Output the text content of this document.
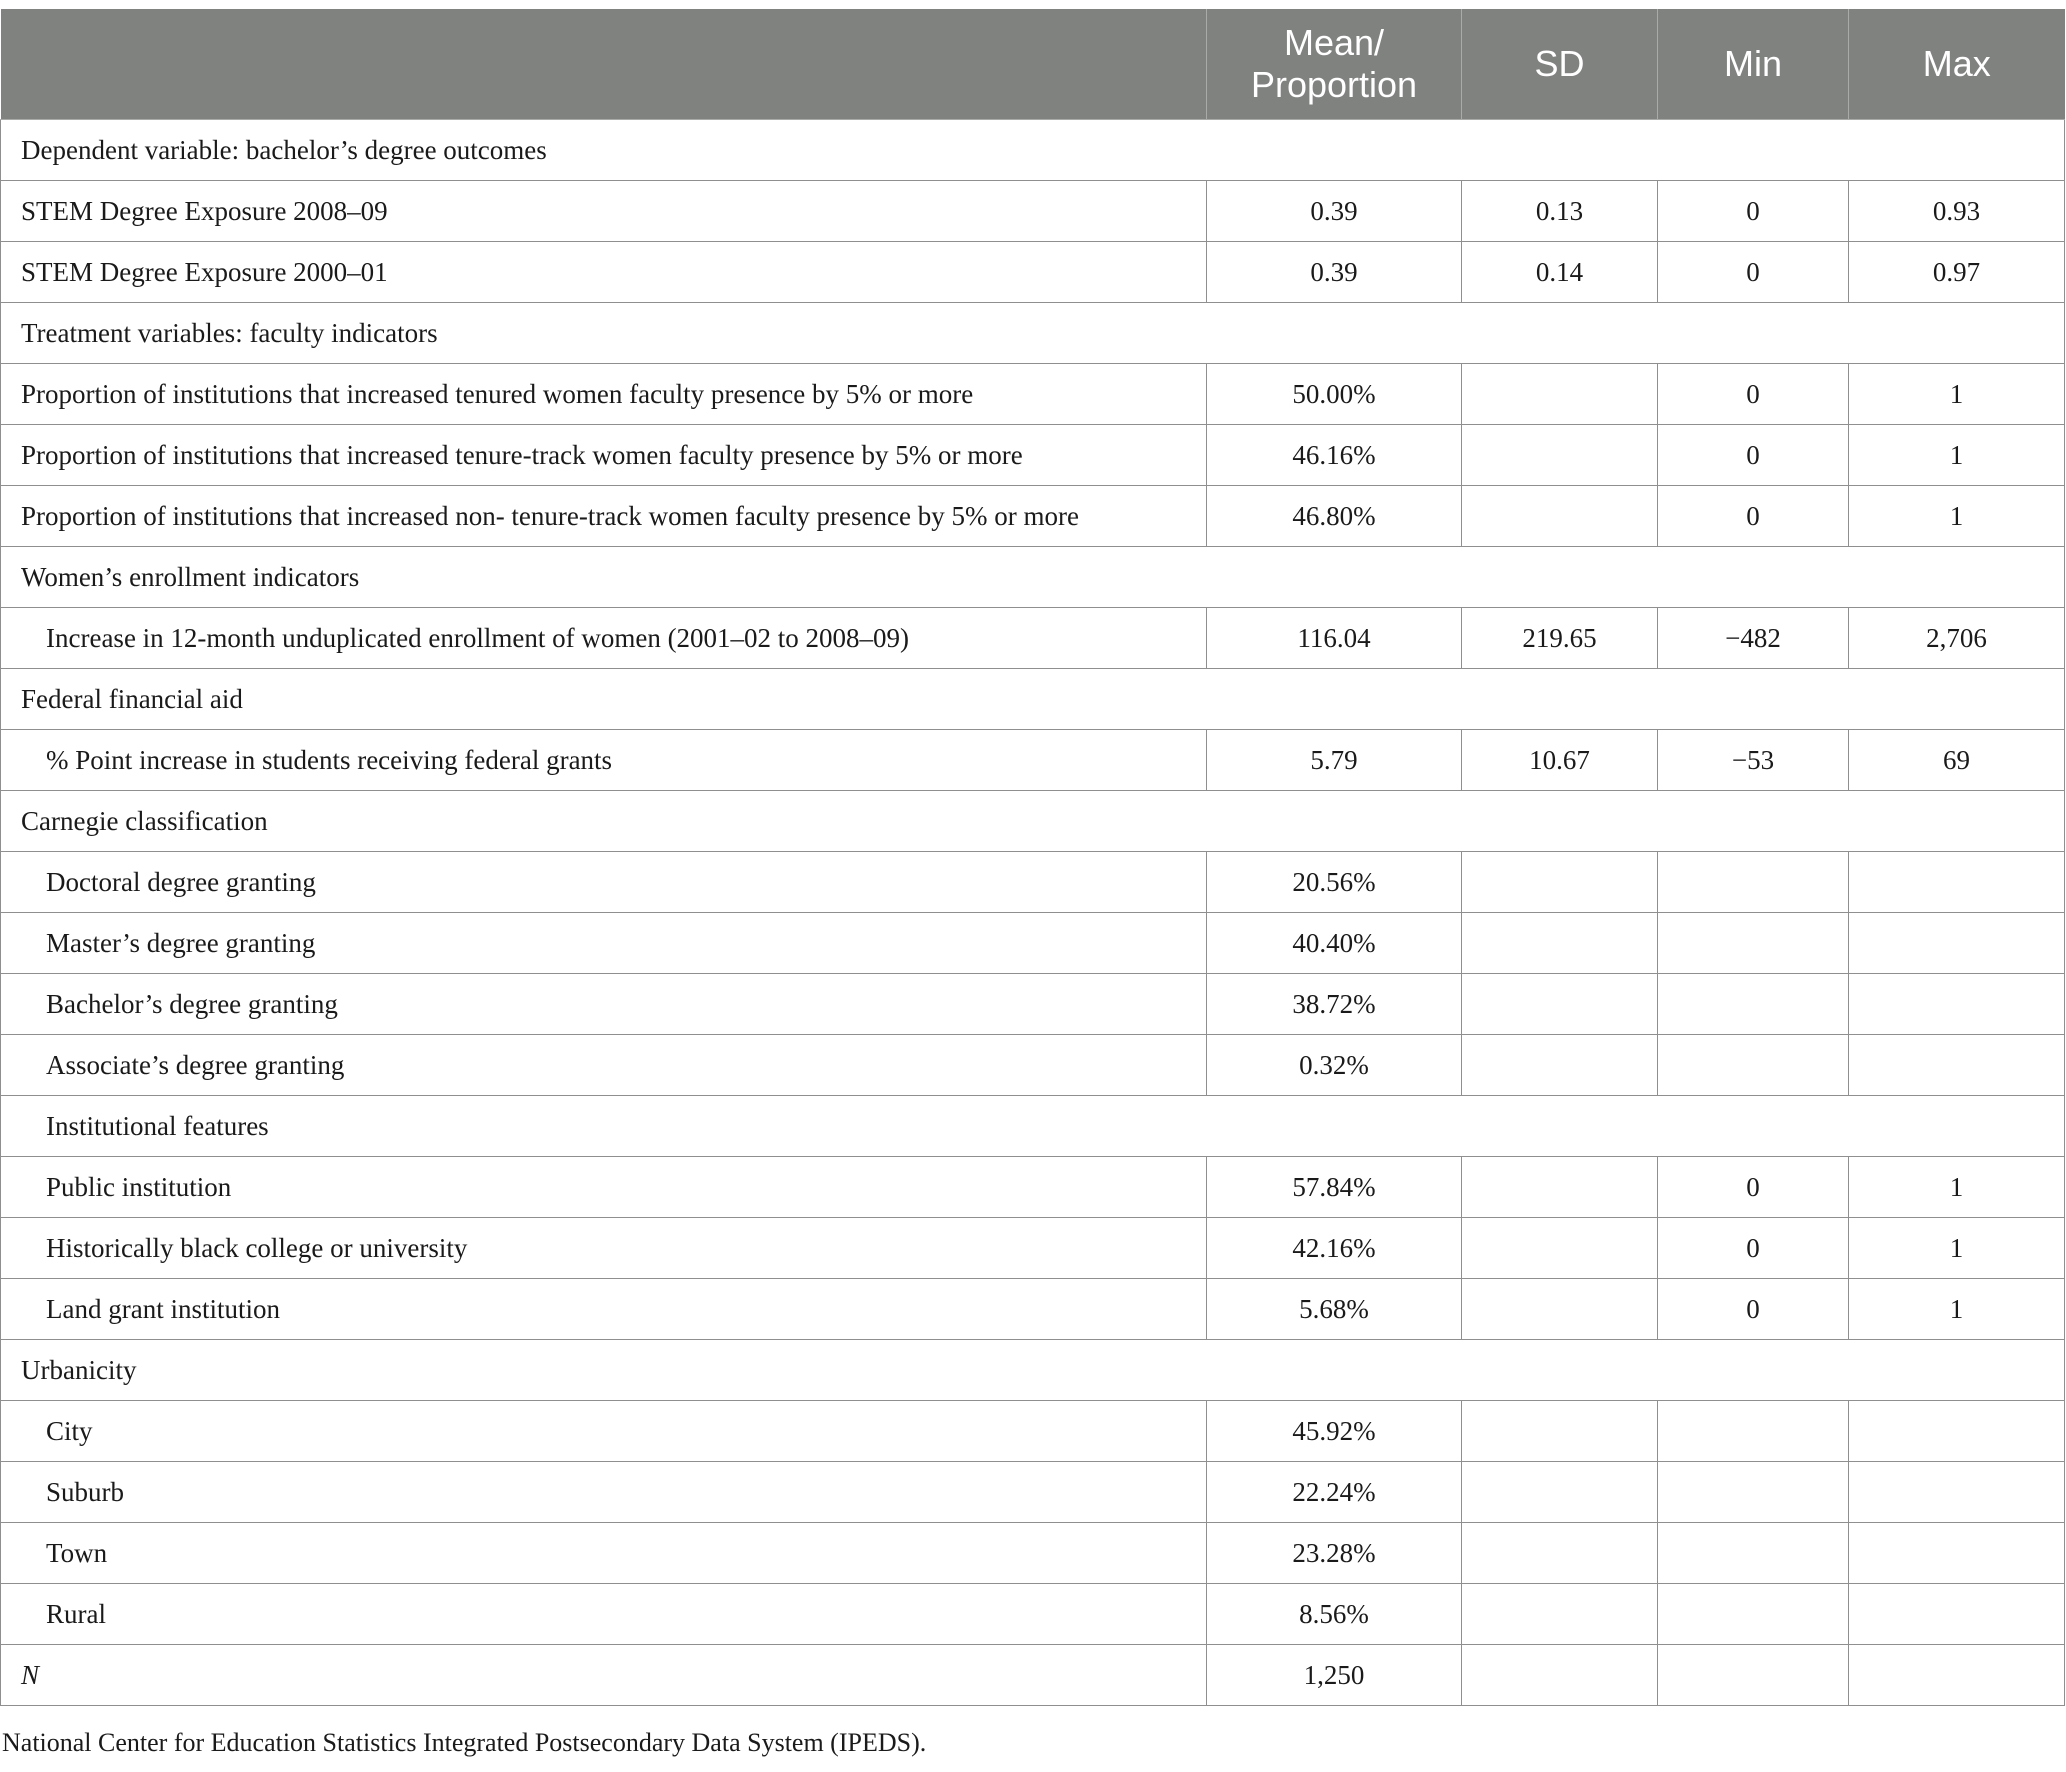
	Mean/
Proportion	SD	Min	Max
Dependent variable: bachelor’s degree outcomes				
STEM Degree Exposure 2008–09	0.39	0.13	0	0.93
STEM Degree Exposure 2000–01	0.39	0.14	0	0.97
Treatment variables: faculty indicators				
Proportion of institutions that increased tenured women faculty presence by 5% or more	50.00%		0	1
Proportion of institutions that increased tenure-track women faculty presence by 5% or more	46.16%		0	1
Proportion of institutions that increased non- tenure-track women faculty presence by 5% or more	46.80%		0	1
Women’s enrollment indicators				
Increase in 12-month unduplicated enrollment of women (2001–02 to 2008–09)	116.04	219.65	−482	2,706
Federal financial aid				
% Point increase in students receiving federal grants	5.79	10.67	−53	69
Carnegie classification				
Doctoral degree granting	20.56%			
Master’s degree granting	40.40%			
Bachelor’s degree granting	38.72%			
Associate’s degree granting	0.32%			
Institutional features				
Public institution	57.84%		0	1
Historically black college or university	42.16%		0	1
Land grant institution	5.68%		0	1
Urbanicity				
City	45.92%			
Suburb	22.24%			
Town	23.28%			
Rural	8.56%			
N	1,250			
National Center for Education Statistics Integrated Postsecondary Data System (IPEDS).
